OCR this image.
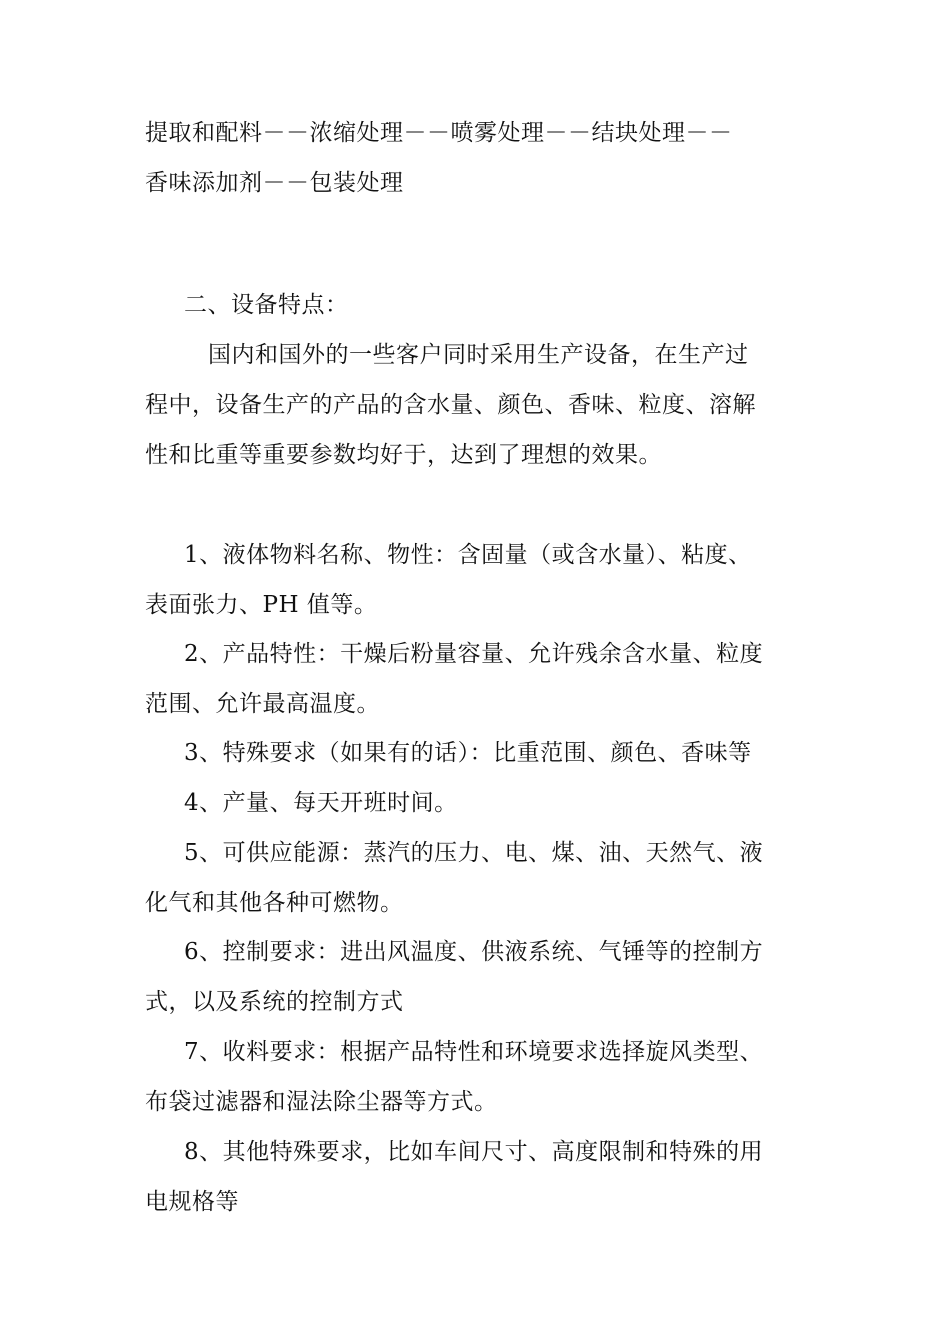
提取和配料－－浓缩处理－－喷雾处理－－结块处理－－
香味添加剂－－包装处理
二、设备特点：
国内和国外的一些客户同时采用生产设备，在生产过
程中，设备生产的产品的含水量、颜色、香味、粒度、溶解
性和比重等重要参数均好于，达到了理想的效果。
1、液体物料名称、物性：含固量（或含水量）、粘度、
表面张力、PH 值等。
2、产品特性：干燥后粉量容量、允许残余含水量、粒度
范围、允许最高温度。
3、特殊要求（如果有的话）：比重范围、颜色、香味等
4、产量、每天开班时间。
5、可供应能源：蒸汽的压力、电、煤、油、天然气、液
化气和其他各种可燃物。
6、控制要求：进出风温度、供液系统、气锤等的控制方
式，以及系统的控制方式
7、收料要求：根据产品特性和环境要求选择旋风类型、
布袋过滤器和湿法除尘器等方式。
8、其他特殊要求，比如车间尺寸、高度限制和特殊的用
电规格等
